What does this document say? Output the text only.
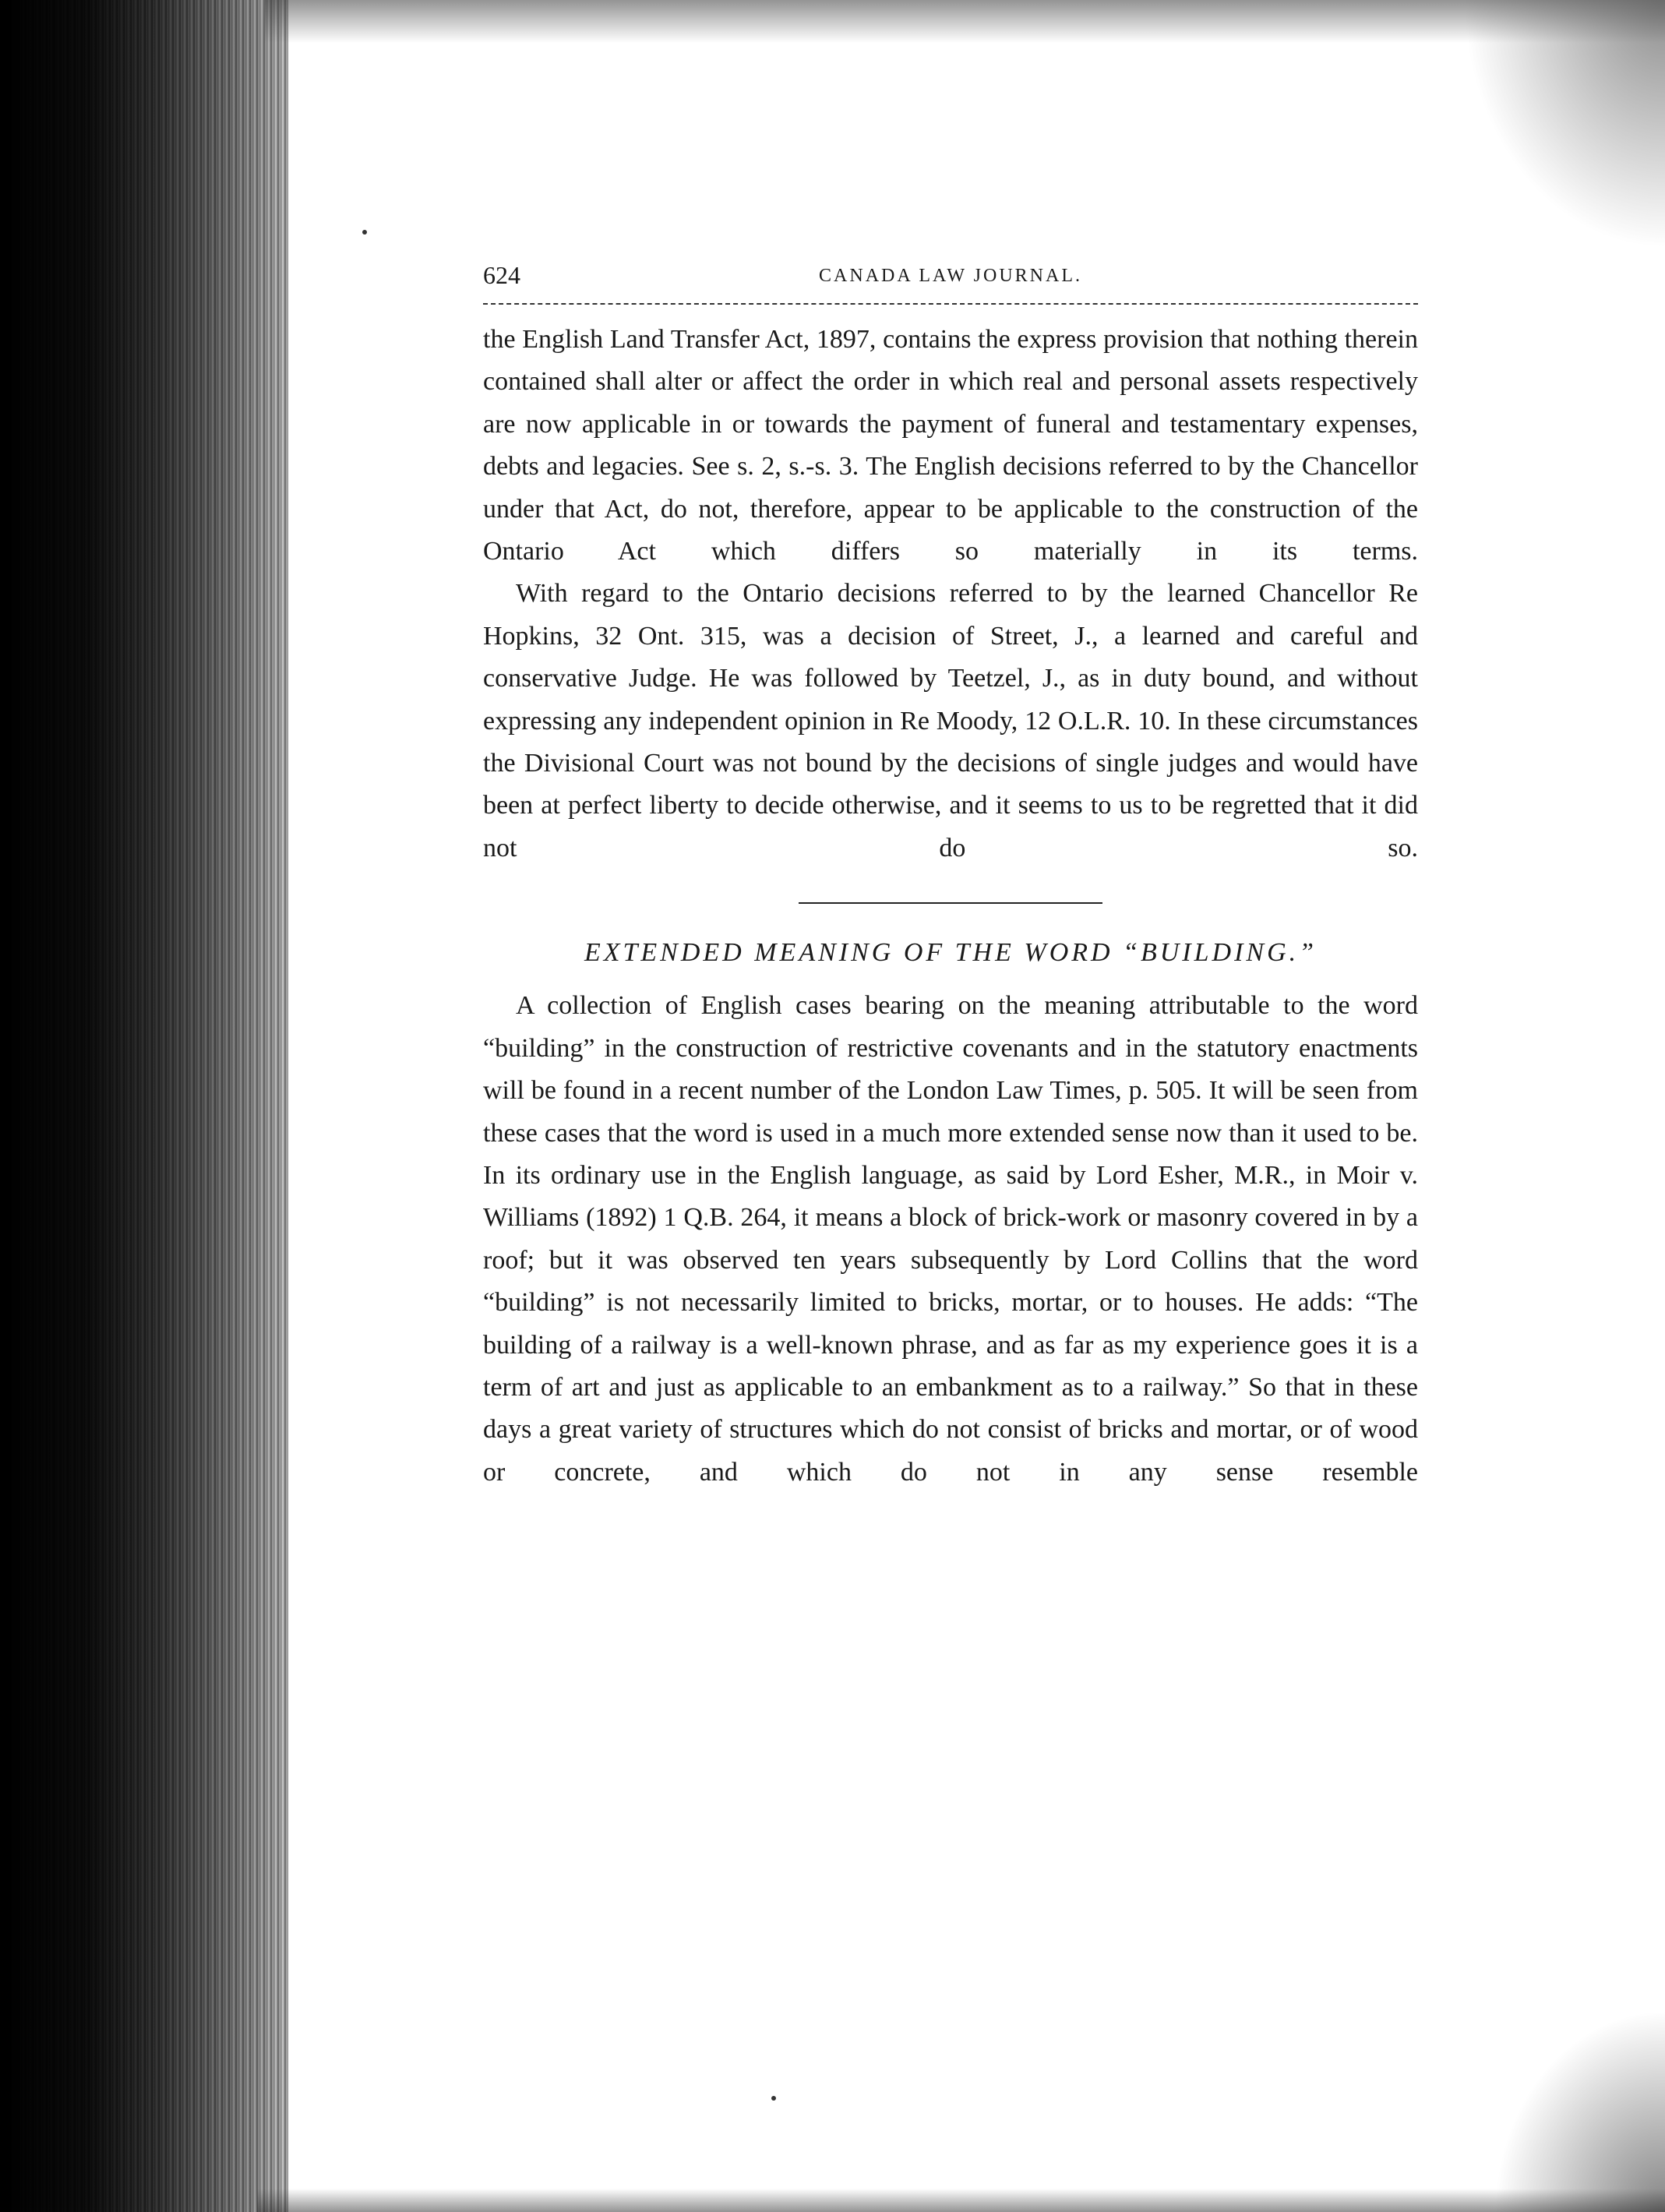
624	CANADA LAW JOURNAL.

the English Land Transfer Act, 1897, contains the express provision that nothing therein contained shall alter or affect the order in which real and personal assets respectively are now applicable in or towards the payment of funeral and testamentary expenses, debts and legacies. See s. 2, s.-s. 3. The English decisions referred to by the Chancellor under that Act, do not, therefore, appear to be applicable to the construction of the Ontario Act which differs so materially in its terms.

With regard to the Ontario decisions referred to by the learned Chancellor Re Hopkins, 32 Ont. 315, was a decision of Street, J., a learned and careful and conservative Judge. He was followed by Teetzel, J., as in duty bound, and without expressing any independent opinion in Re Moody, 12 O.L.R. 10. In these circumstances the Divisional Court was not bound by the decisions of single judges and would have been at perfect liberty to decide otherwise, and it seems to us to be regretted that it did not do so.

EXTENDED MEANING OF THE WORD “BUILDING.”

A collection of English cases bearing on the meaning attributable to the word “building” in the construction of restrictive covenants and in the statutory enactments will be found in a recent number of the London Law Times, p. 505. It will be seen from these cases that the word is used in a much more extended sense now than it used to be. In its ordinary use in the English language, as said by Lord Esher, M.R., in Moir v. Williams (1892) 1 Q.B. 264, it means a block of brick-work or masonry covered in by a roof; but it was observed ten years subsequently by Lord Collins that the word “building” is not necessarily limited to bricks, mortar, or to houses. He adds: “The building of a railway is a well-known phrase, and as far as my experience goes it is a term of art and just as applicable to an embankment as to a railway.” So that in these days a great variety of structures which do not consist of bricks and mortar, or of wood or concrete, and which do not in any sense resemble
